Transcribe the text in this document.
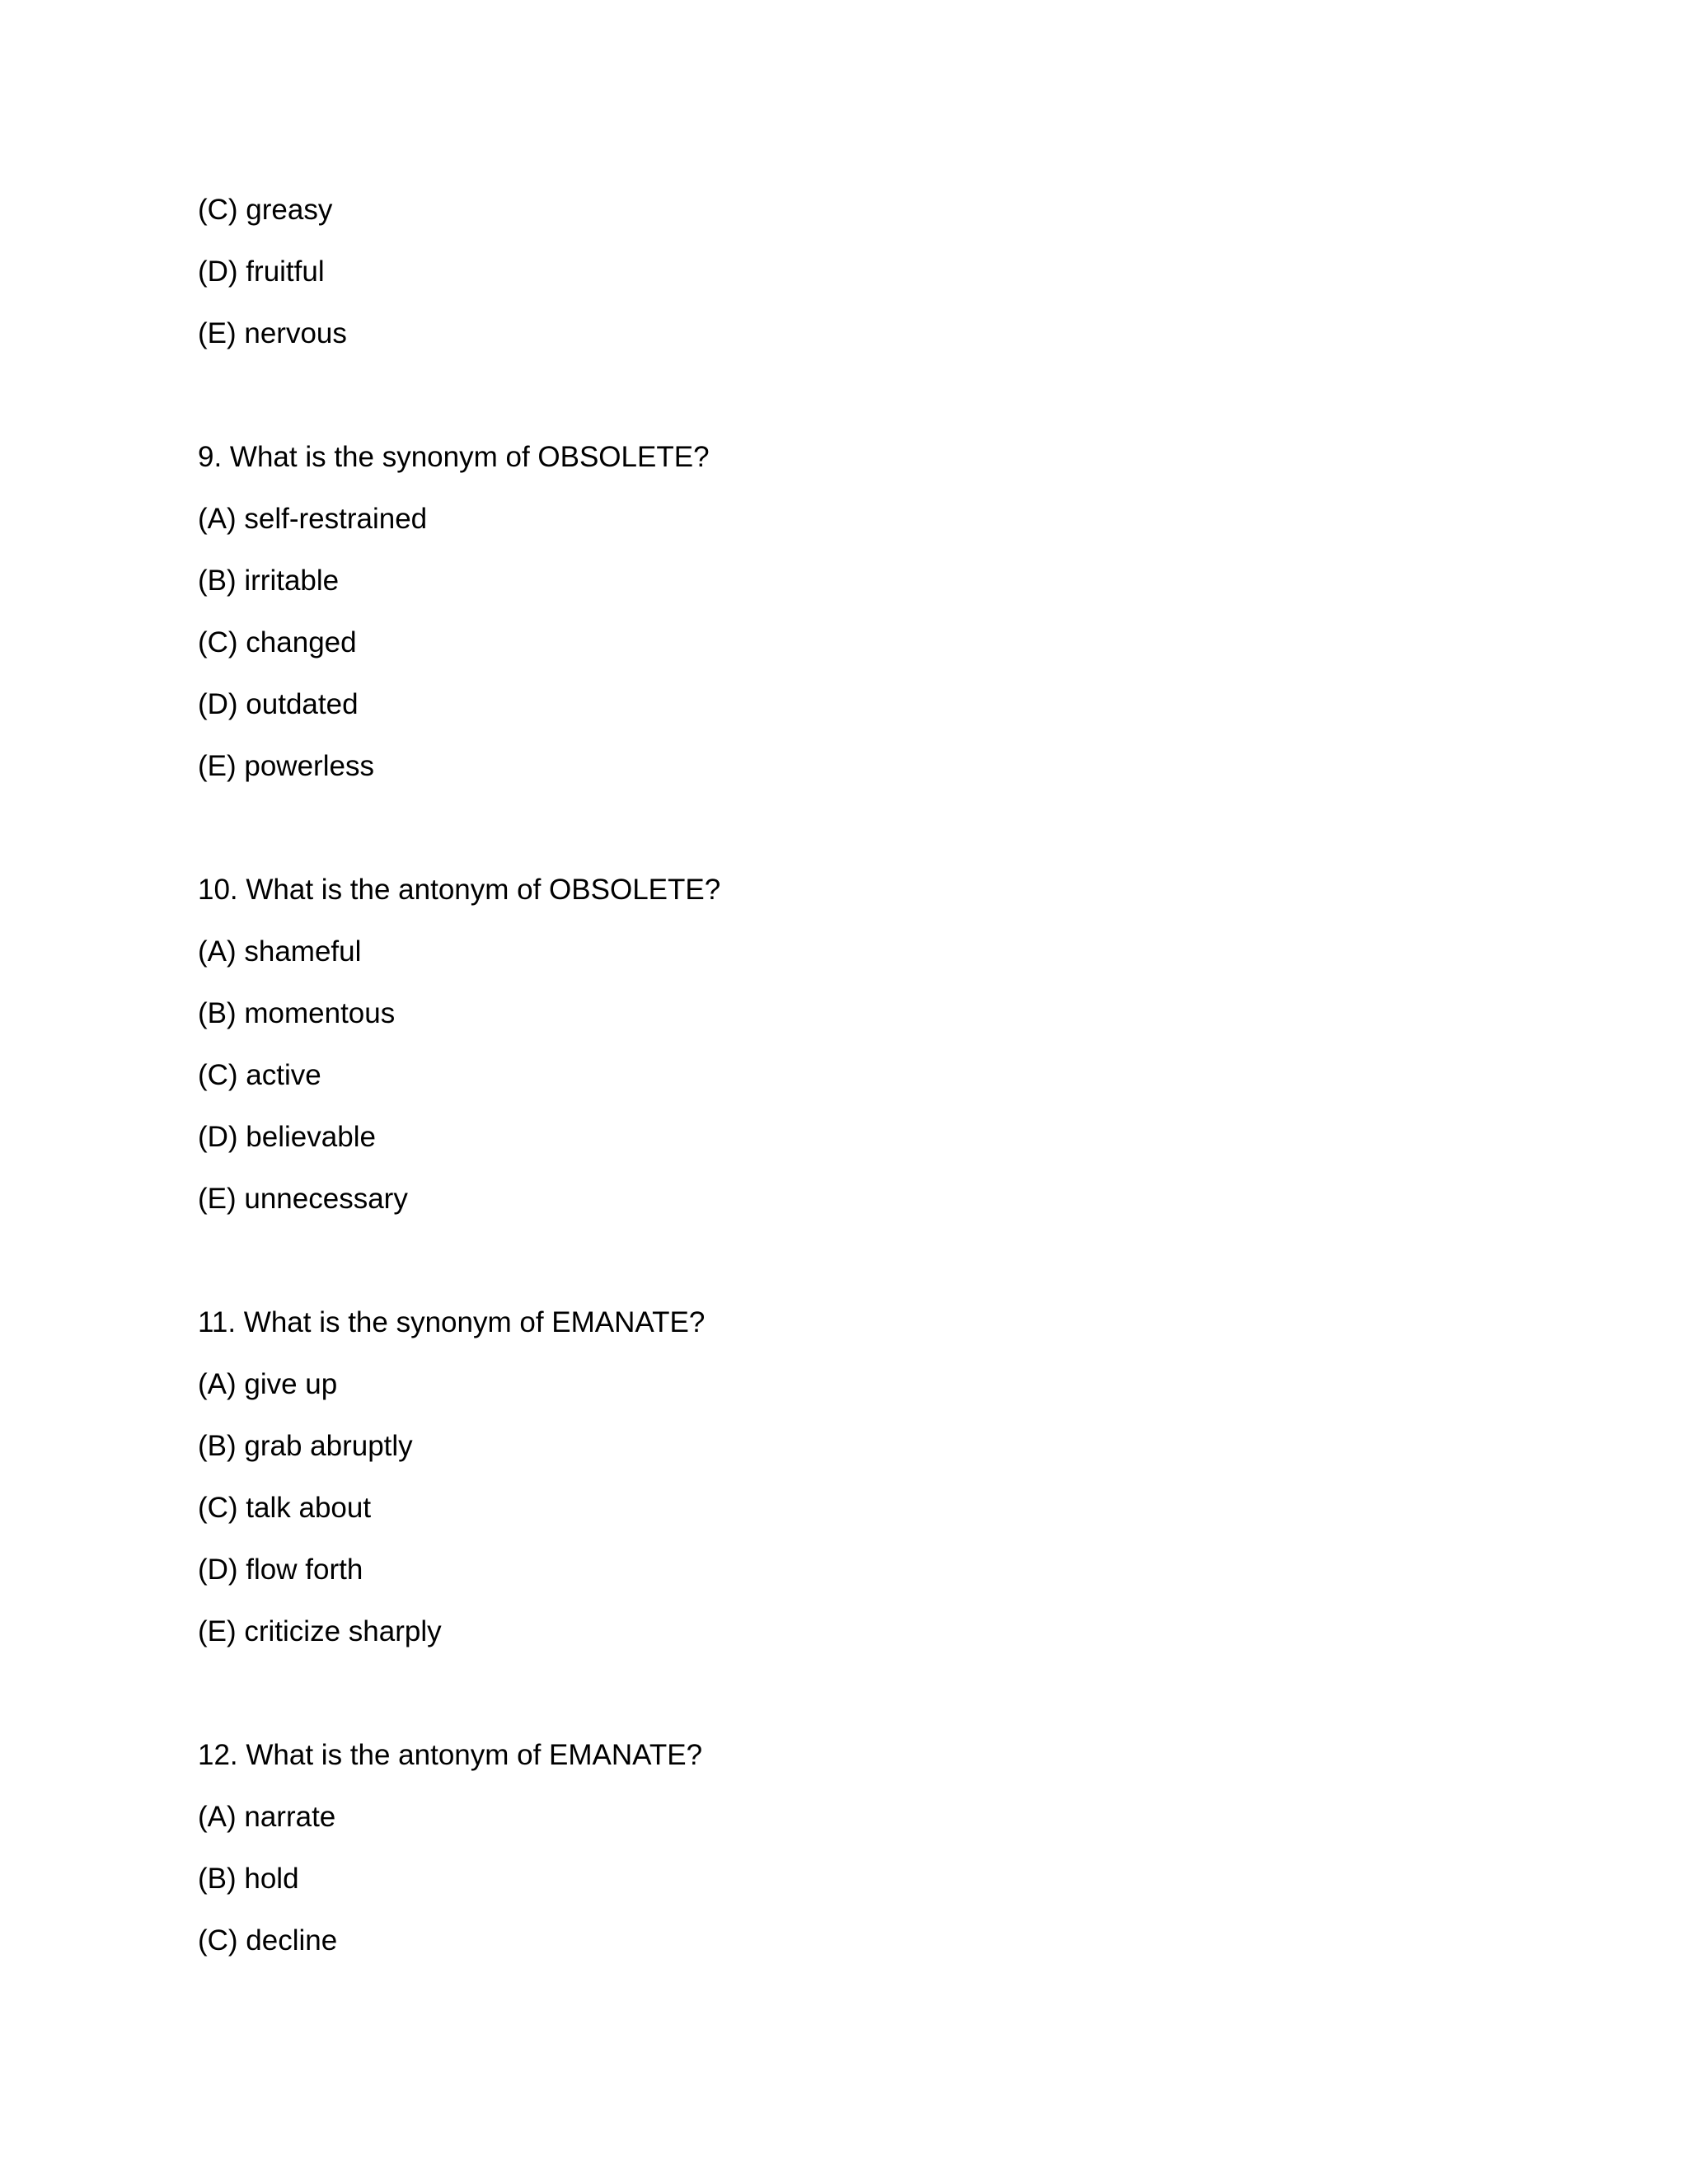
(C) greasy
(D) fruitful
(E) nervous
9. What is the synonym of OBSOLETE?
(A) self-restrained
(B) irritable
(C) changed
(D) outdated
(E) powerless
10. What is the antonym of OBSOLETE?
(A) shameful
(B) momentous
(C) active
(D) believable
(E) unnecessary
11. What is the synonym of EMANATE?
(A) give up
(B) grab abruptly
(C) talk about
(D) flow forth
(E) criticize sharply
12. What is the antonym of EMANATE?
(A) narrate
(B) hold
(C) decline
